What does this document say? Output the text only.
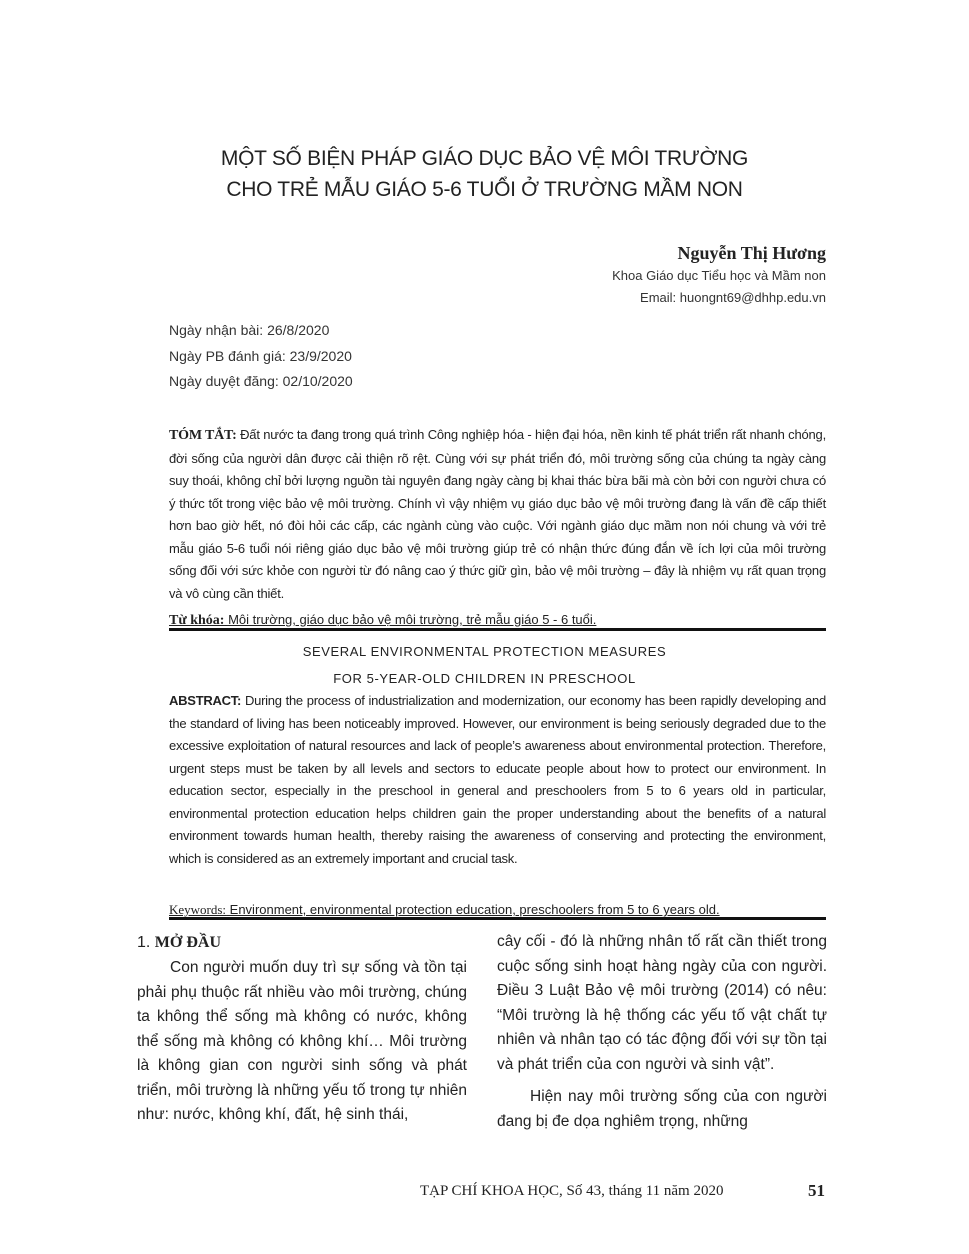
MỘT SỐ BIỆN PHÁP GIÁO DỤC BẢO VỆ MÔI TRƯỜNG
CHO TRẺ MẪU GIÁO 5-6 TUỔI Ở TRƯỜNG MẦM NON
Nguyễn Thị Hương
Khoa Giáo dục Tiểu học và Mầm non
Email: huongnt69@dhhp.edu.vn
Ngày nhận bài: 26/8/2020
Ngày PB đánh giá: 23/9/2020
Ngày duyệt đăng: 02/10/2020
TÓM TẮT: Đất nước ta đang trong quá trình Công nghiệp hóa - hiện đại hóa, nền kinh tế phát triển rất nhanh chóng, đời sống của người dân được cải thiện rõ rệt. Cùng với sự phát triển đó, môi trường sống của chúng ta ngày càng suy thoái, không chỉ bởi lượng nguồn tài nguyên đang ngày càng bị khai thác bừa bãi mà còn bởi con người chưa có ý thức tốt trong việc bảo vệ môi trường. Chính vì vậy nhiệm vụ giáo dục bảo vệ môi trường đang là vấn đề cấp thiết hơn bao giờ hết, nó đòi hỏi các cấp, các ngành cùng vào cuộc. Với ngành giáo dục mầm non nói chung và với trẻ mẫu giáo 5-6 tuổi nói riêng giáo dục bảo vệ môi trường giúp trẻ có nhận thức đúng đắn về ích lợi của môi trường sống đối với sức khỏe con người từ đó nâng cao ý thức giữ gìn, bảo vệ môi trường – đây là nhiệm vụ rất quan trọng và vô cùng cần thiết.
Từ khóa: Môi trường, giáo dục bảo vệ môi trường, trẻ mẫu giáo 5 - 6 tuổi.
SEVERAL ENVIRONMENTAL PROTECTION MEASURES
FOR 5-YEAR-OLD CHILDREN IN PRESCHOOL
ABSTRACT: During the process of industrialization and modernization, our economy has been rapidly developing and the standard of living has been noticeably improved. However, our environment is being seriously degraded due to the excessive exploitation of natural resources and lack of people’s awareness about environmental protection. Therefore, urgent steps must be taken by all levels and sectors to educate people about how to protect our environment. In education sector, especially in the preschool in general and preschoolers from 5 to 6 years old in particular, environmental protection education helps children gain the proper understanding about the benefits of a natural environment towards human health, thereby raising the awareness of conserving and protecting the environment, which is considered as an extremely important and crucial task.
Keywords: Environment, environmental protection education, preschoolers from 5 to 6 years old.
1. MỞ ĐẦU

Con người muốn duy trì sự sống và tồn tại phải phụ thuộc rất nhiều vào môi trường, chúng ta không thể sống mà không có nước, không thể sống mà không có không khí… Môi trường là không gian con người sinh sống và phát triển, môi trường là những yếu tố trong tự nhiên như: nước, không khí, đất, hệ sinh thái,

cây cối - đó là những nhân tố rất cần thiết trong cuộc sống sinh hoạt hàng ngày của con người. Điều 3 Luật Bảo vệ môi trường (2014) có nêu: “Môi trường là hệ thống các yếu tố vật chất tự nhiên và nhân tạo có tác động đối với sự tồn tại và phát triển của con người và sinh vật”.

Hiện nay môi trường sống của con người đang bị đe dọa nghiêm trọng, những

TẠP CHÍ KHOA HỌC, Số 43, tháng 11 năm 2020	51
